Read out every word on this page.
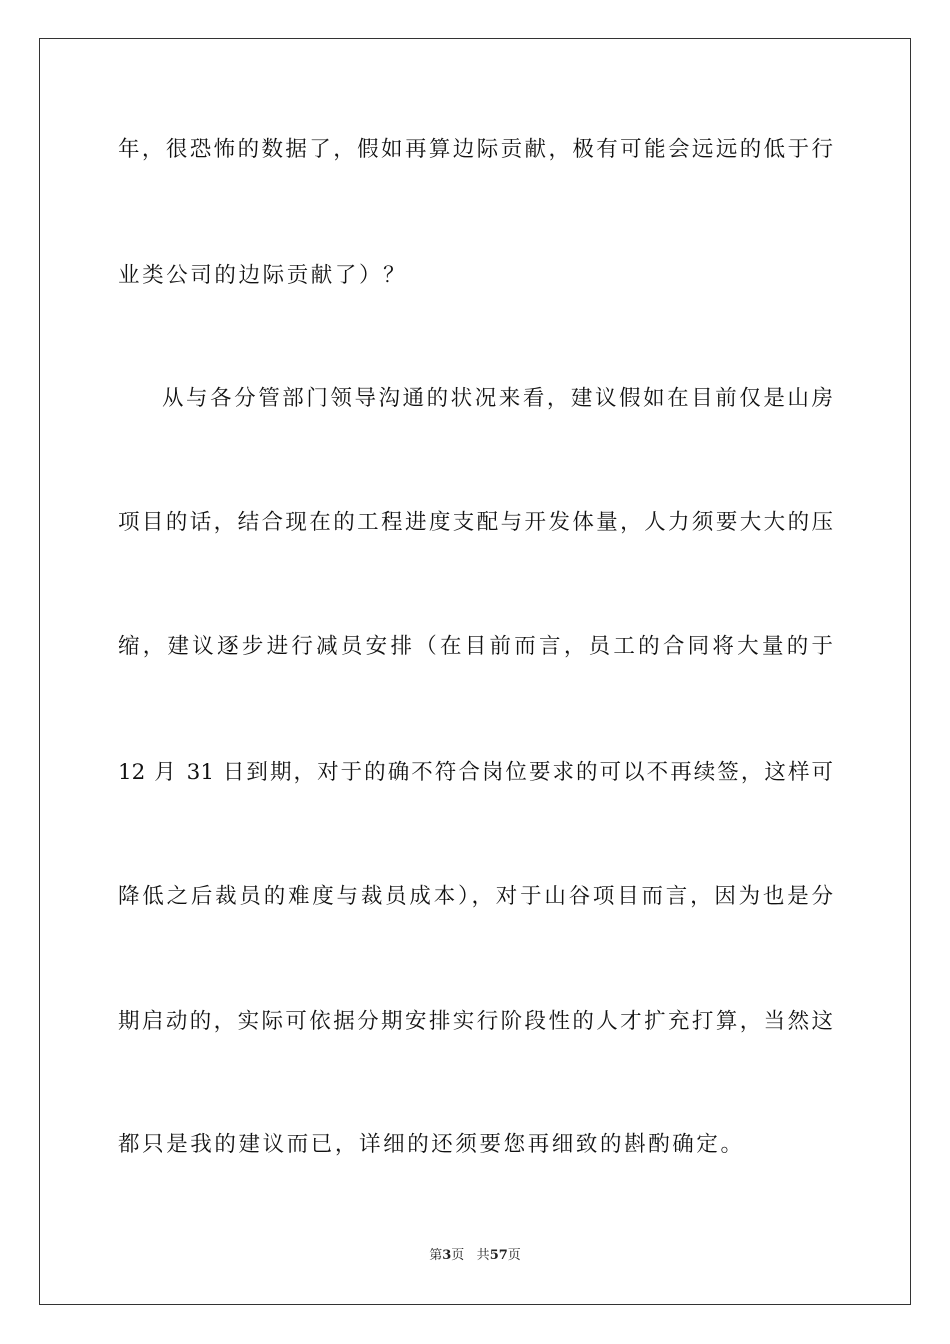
年，很恐怖的数据了，假如再算边际贡献，极有可能会远远的低于行
业类公司的边际贡献了）？
从与各分管部门领导沟通的状况来看，建议假如在目前仅是山房
项目的话，结合现在的工程进度支配与开发体量，人力须要大大的压
缩，建议逐步进行减员安排（在目前而言，员工的合同将大量的于
12 月 31 日到期，对于的确不符合岗位要求的可以不再续签，这样可
降低之后裁员的难度与裁员成本），对于山谷项目而言，因为也是分
期启动的，实际可依据分期安排实行阶段性的人才扩充打算，当然这
都只是我的建议而已，详细的还须要您再细致的斟酌确定。
第3页 共57页
